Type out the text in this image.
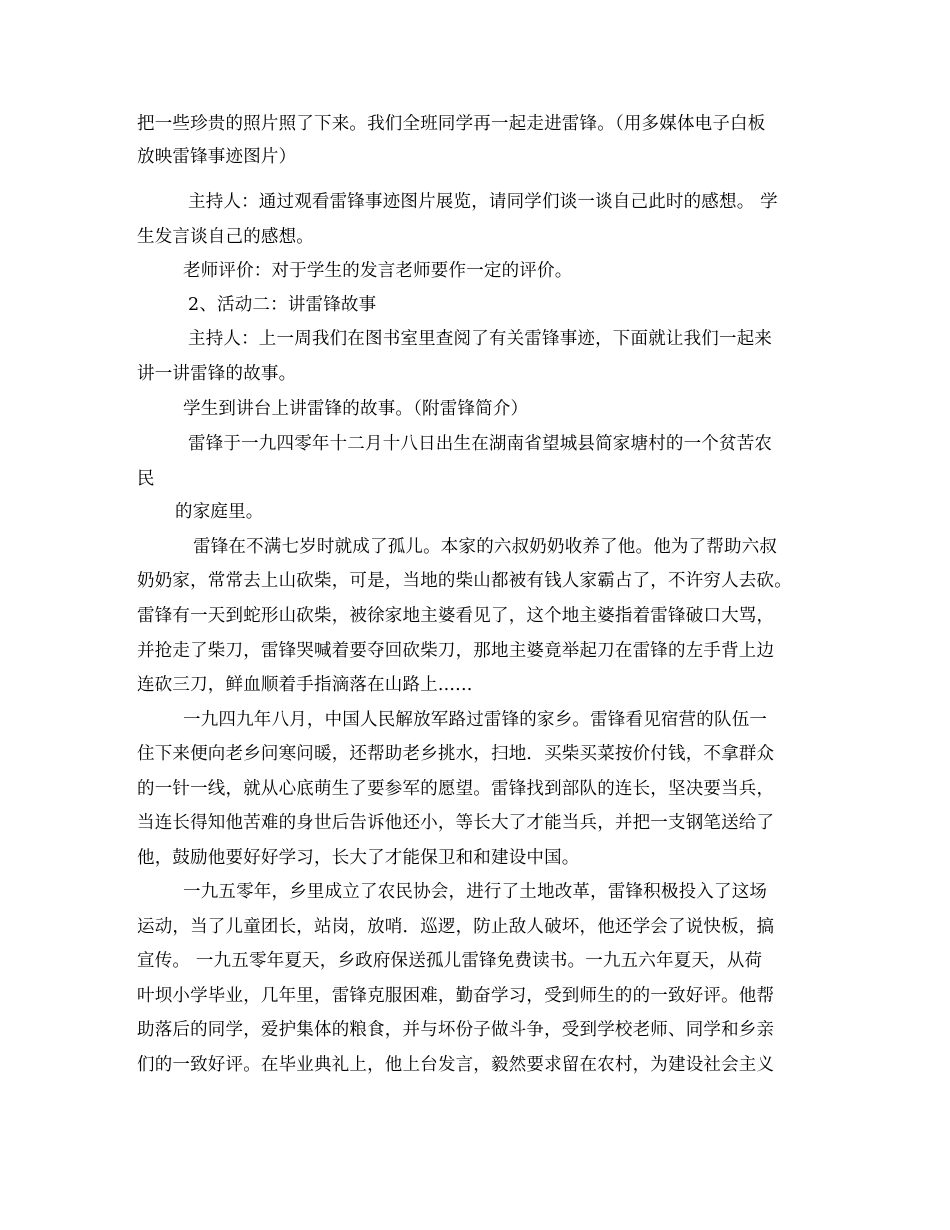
把一些珍贵的照片照了下来。我们全班同学再一起走进雷锋。（用多媒体电子白板
放映雷锋事迹图片）
主持人：通过观看雷锋事迹图片展览，请同学们谈一谈自己此时的感想。 学
生发言谈自己的感想。
老师评价：对于学生的发言老师要作一定的评价。
2、活动二：讲雷锋故事
主持人：上一周我们在图书室里查阅了有关雷锋事迹，下面就让我们一起来
讲一讲雷锋的故事。
学生到讲台上讲雷锋的故事。（附雷锋简介）
雷锋于一九四零年十二月十八日出生在湖南省望城县简家塘村的一个贫苦农
民
的家庭里。
雷锋在不满七岁时就成了孤儿。本家的六叔奶奶收养了他。他为了帮助六叔
奶奶家，常常去上山砍柴，可是，当地的柴山都被有钱人家霸占了，不许穷人去砍。
雷锋有一天到蛇形山砍柴，被徐家地主婆看见了，这个地主婆指着雷锋破口大骂，
并抢走了柴刀，雷锋哭喊着要夺回砍柴刀，那地主婆竟举起刀在雷锋的左手背上边
连砍三刀，鲜血顺着手指滴落在山路上......
一九四九年八月，中国人民解放军路过雷锋的家乡。雷锋看见宿营的队伍一
住下来便向老乡问寒问暖，还帮助老乡挑水，扫地．买柴买菜按价付钱，不拿群众
的一针一线，就从心底萌生了要参军的愿望。雷锋找到部队的连长，坚决要当兵，
当连长得知他苦难的身世后告诉他还小，等长大了才能当兵，并把一支钢笔送给了
他，鼓励他要好好学习，长大了才能保卫和和建设中国。
一九五零年，乡里成立了农民协会，进行了土地改革，雷锋积极投入了这场
运动，当了儿童团长，站岗，放哨．巡逻，防止敌人破坏，他还学会了说快板，搞
宣传。 一九五零年夏天，乡政府保送孤儿雷锋免费读书。一九五六年夏天，从荷
叶坝小学毕业，几年里，雷锋克服困难，勤奋学习，受到师生的的一致好评。他帮
助落后的同学，爱护集体的粮食，并与坏份子做斗争，受到学校老师、同学和乡亲
们的一致好评。在毕业典礼上，他上台发言，毅然要求留在农村，为建设社会主义
